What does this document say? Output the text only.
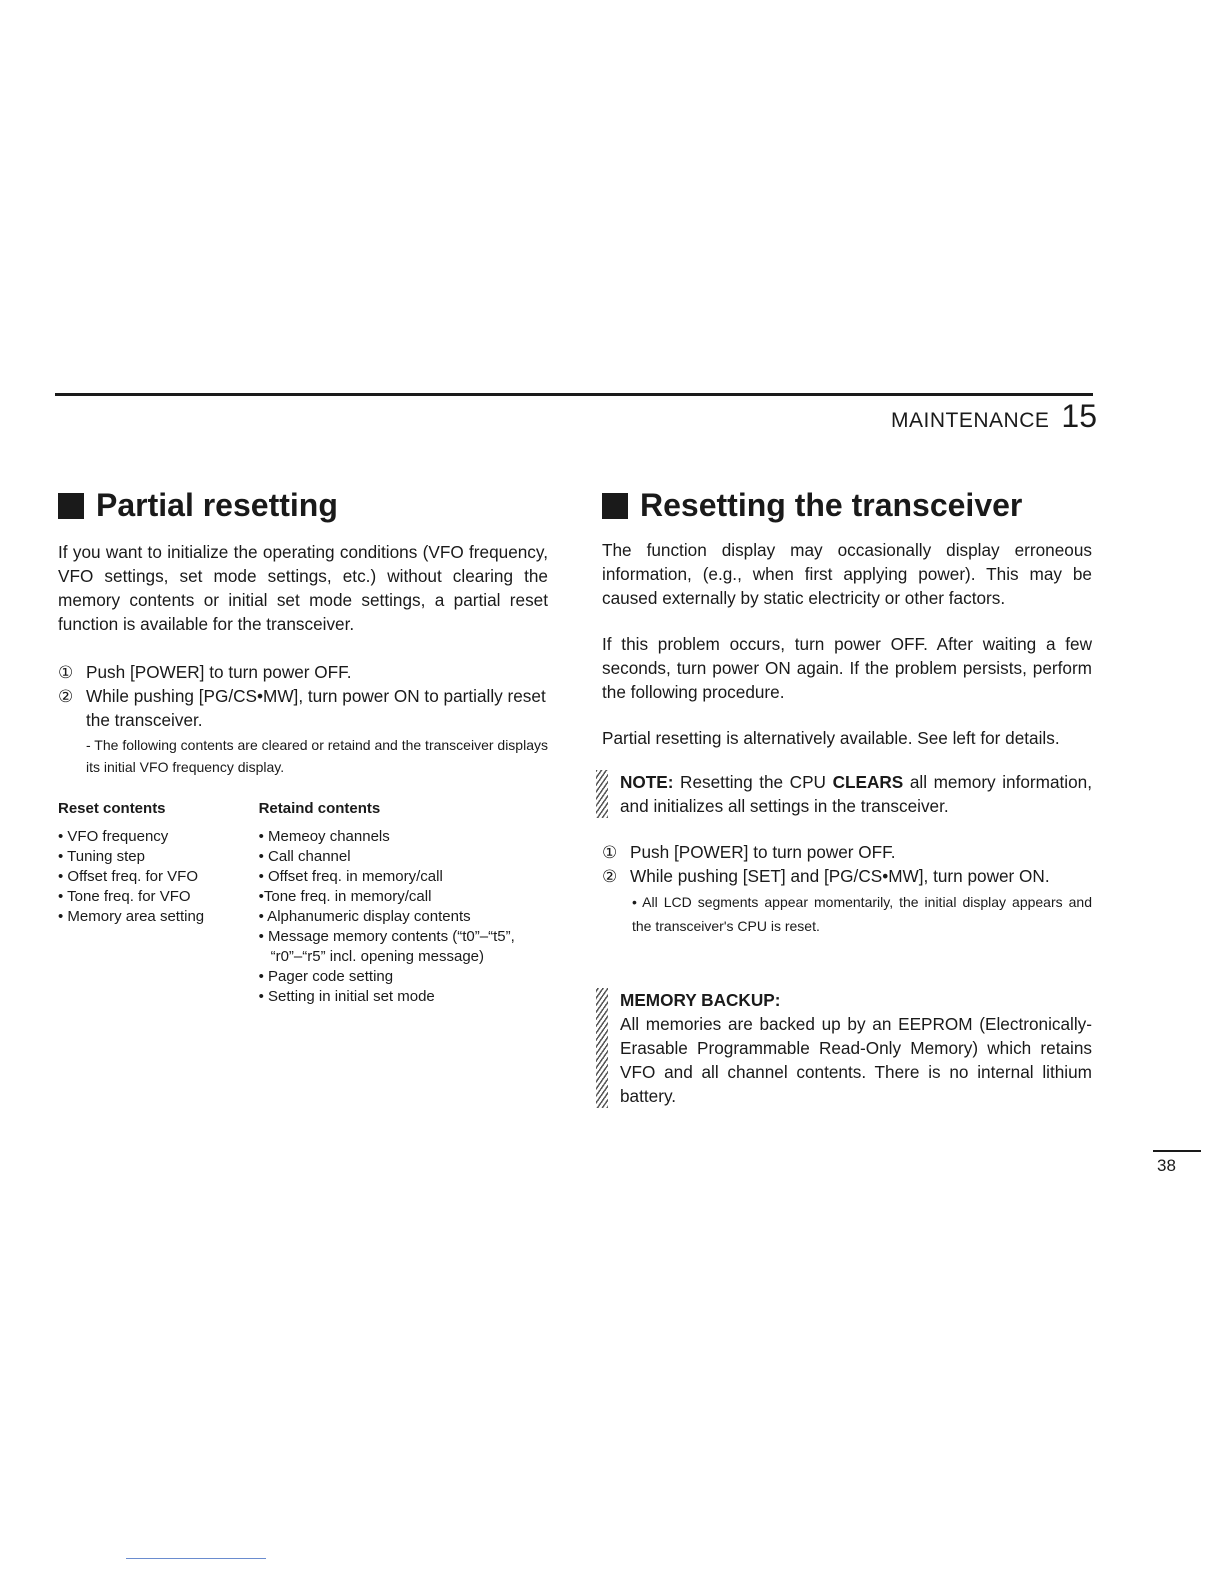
MAINTENANCE 15
Partial resetting

If you want to initialize the operating conditions (VFO frequency, VFO settings, set mode settings, etc.) without clearing the memory contents or initial set mode settings, a partial reset function is available for the transceiver.

① Push [POWER] to turn power OFF.
② While pushing [PG/CS•MW], turn power ON to partially reset the transceiver.

- The following contents are cleared or retaind and the transceiver displays its initial VFO frequency display.

Reset contents
• VFO frequency
• Tuning step
• Offset freq. for VFO
• Tone freq. for VFO
• Memory area setting
Retaind contents
• Memeoy channels
• Call channel
• Offset freq. in memory/call
•Tone freq. in memory/call
• Alphanumeric display contents
• Message memory contents (“t0”–“t5”,
“r0”–“r5” incl. opening message)
• Pager code setting
• Setting in initial set mode
Resetting the transceiver

The function display may occasionally display erroneous information, (e.g., when first applying power). This may be caused externally by static electricity or other factors.

If this problem occurs, turn power OFF. After waiting a few seconds, turn power ON again. If the problem persists, perform the following procedure.

Partial resetting is alternatively available. See left for details.

NOTE: Resetting the CPU CLEARS all memory information, and initializes all settings in the transceiver.

① Push [POWER] to turn power OFF.
② While pushing [SET] and [PG/CS•MW], turn power ON.

• All LCD segments appear momentarily, the initial display appears and the transceiver's CPU is reset.

MEMORY BACKUP:

All memories are backed up by an EEPROM (Electronically-Erasable Programmable Read-Only Memory) which retains VFO and all channel contents. There is no internal lithium battery.

38
